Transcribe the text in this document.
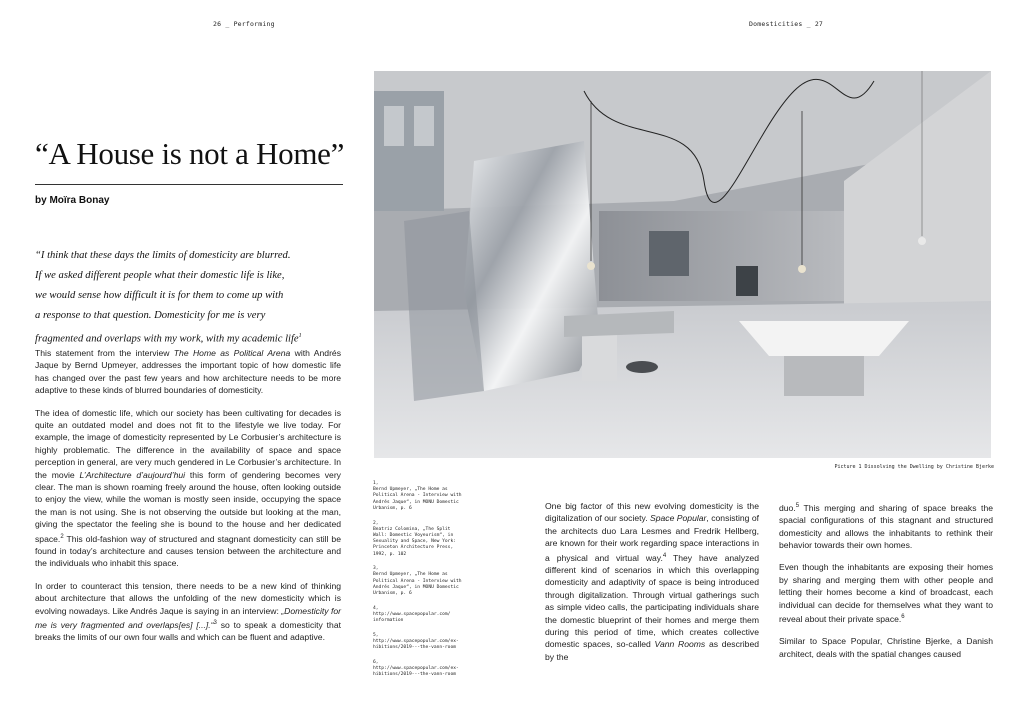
26 _ Performing	Domesticities _ 27
“A House is not a Home”
by Moïra Bonay

“I think that these days the limits of domesticity are blurred.

If we asked different people what their domestic life is like,

we would sense how difficult it is for them to come up with

a response to that question. Domesticity for me is very

fragmented and overlaps with my work, with my academic life$^1$

This statement from the interview The Home as Political Arena with Andrés Jaque by Bernd Upmeyer, addresses the important topic of how domestic life has changed over the past few years and how architecture needs to be more adaptive to these kinds of blurred boundaries of domesticity.

The idea of domestic life, which our society has been cultivating for decades is quite an outdated model and does not fit to the lifestyle we live today. For example, the image of domesticity represented by Le Corbusier’s architecture is highly problematic. The difference in the availability of space and space perception in general, are very much gendered in Le Corbusier’s architecture. In the movie L’Architecture d’aujourd’hui this form of gendering becomes very clear. The man is shown roaming freely around the house, often looking outside to enjoy the view, while the woman is mostly seen inside, occupying the space the man is not using. She is not observing the outside but looking at the man, giving the spectator the feeling she is bound to the house and her dedicated space.$^2$ This old-fashion way of structured and stagnant domesticity can still be found in today’s architecture and causes tension between the architecture and the individuals who inhabit this space.

In order to counteract this tension, there needs to be a new kind of thinking about architecture that allows the unfolding of the new domesticity which is evolving nowadays. Like Andrés Jaque is saying in an interview: „Domesticity for me is very fragmented and overlaps[es] [...].“$^3$ so to speak a domesticity that breaks the limits of our own four walls and which can be fluent and adaptive.

Picture 1 Dissolving the Dwelling by Christine Bjerke
1,
Bernd Upmeyer, „The Home as
Political Arena - Interview with
Andrés Jaque“, in MONU Domestic
Urbanism, p. 6
2,
Beatriz Colomina, „The Split
Wall: Domestic Voyeurism“, in
Sexuality and Space, New York:
Princeton Architecture Press,
1992, p. 102
3,
Bernd Upmeyer, „The Home as
Political Arena - Interview with
Andrés Jaque“, in MONU Domestic
Urbanism, p. 6
4,
http://www.spacepopular.com/
information
5,
http://www.spacepopular.com/ex-
hibitions/2019---the-vann-room
6,
http://www.spacepopular.com/ex-
hibitions/2019---the-vann-room

One big factor of this new evolving domesticity is the digitalization of our society. Space Popular, consisting of the architects duo Lara Lesmes and Fredrik Hellberg, are known for their work regarding space interactions in a physical and virtual way.$^4$ They have analyzed different kind of scenarios in which this overlapping domesticity and adaptivity of space is being introduced through digitalization. Through virtual gatherings such as simple video calls, the participating individuals share the domestic blueprint of their homes and merge them during this period of time, which creates collective domestic spaces, so-called Vann Rooms as described by the

duo.$^5$ This merging and sharing of space breaks the spacial configurations of this stagnant and structured domesticity and allows the inhabitants to rethink their behavior towards their own homes.

Even though the inhabitants are exposing their homes by sharing and merging them with other people and letting their homes become a kind of broadcast, each individual can decide for themselves what they want to reveal about their private space.$^6$

Similar to Space Popular, Christine Bjerke, a Danish architect, deals with the spatial changes caused
